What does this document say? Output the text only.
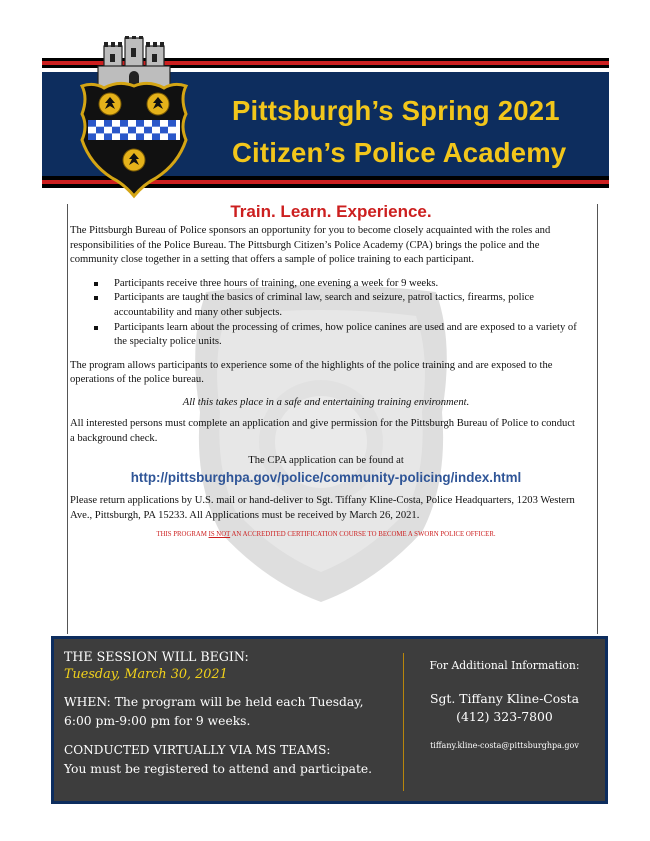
Pittsburgh’s Spring 2021
Citizen’s Police Academy
Train. Learn. Experience.

The Pittsburgh Bureau of Police sponsors an opportunity for you to become closely acquainted with the roles and responsibilities of the Police Bureau. The Pittsburgh Citizen’s Police Academy (CPA) brings the police and the community close together in a setting that offers a sample of police training to each participant.

Participants receive three hours of training, one evening a week for 9 weeks.
Participants are taught the basics of criminal law, search and seizure, patrol tactics, firearms, police accountability and many other subjects.
Participants learn about the processing of crimes, how police canines are used and are exposed to a variety of the specialty police units.

The program allows participants to experience some of the highlights of the police training and are exposed to the operations of the police bureau.

All this takes place in a safe and entertaining training environment.

All interested persons must complete an application and give permission for the Pittsburgh Bureau of Police to conduct a background check.

The CPA application can be found at

http://pittsburghpa.gov/police/community-policing/index.html

Please return applications by U.S. mail or hand-deliver to Sgt. Tiffany Kline-Costa, Police Headquarters, 1203 Western Ave., Pittsburgh, PA 15233. All Applications must be received by March 26, 2021.

THIS PROGRAM IS NOT AN ACCREDITED CERTIFICATION COURSE TO BECOME A SWORN POLICE OFFICER.

THE SESSION WILL BEGIN:
Tuesday, March 30, 2021
WHEN: The program will be held each Tuesday,
6:00 pm-9:00 pm for 9 weeks.
CONDUCTED VIRTUALLY VIA MS TEAMS:
You must be registered to attend and participate.
For Additional Information:
Sgt. Tiffany Kline-Costa
(412) 323-7800
tiffany.kline-costa@pittsburghpa.gov
